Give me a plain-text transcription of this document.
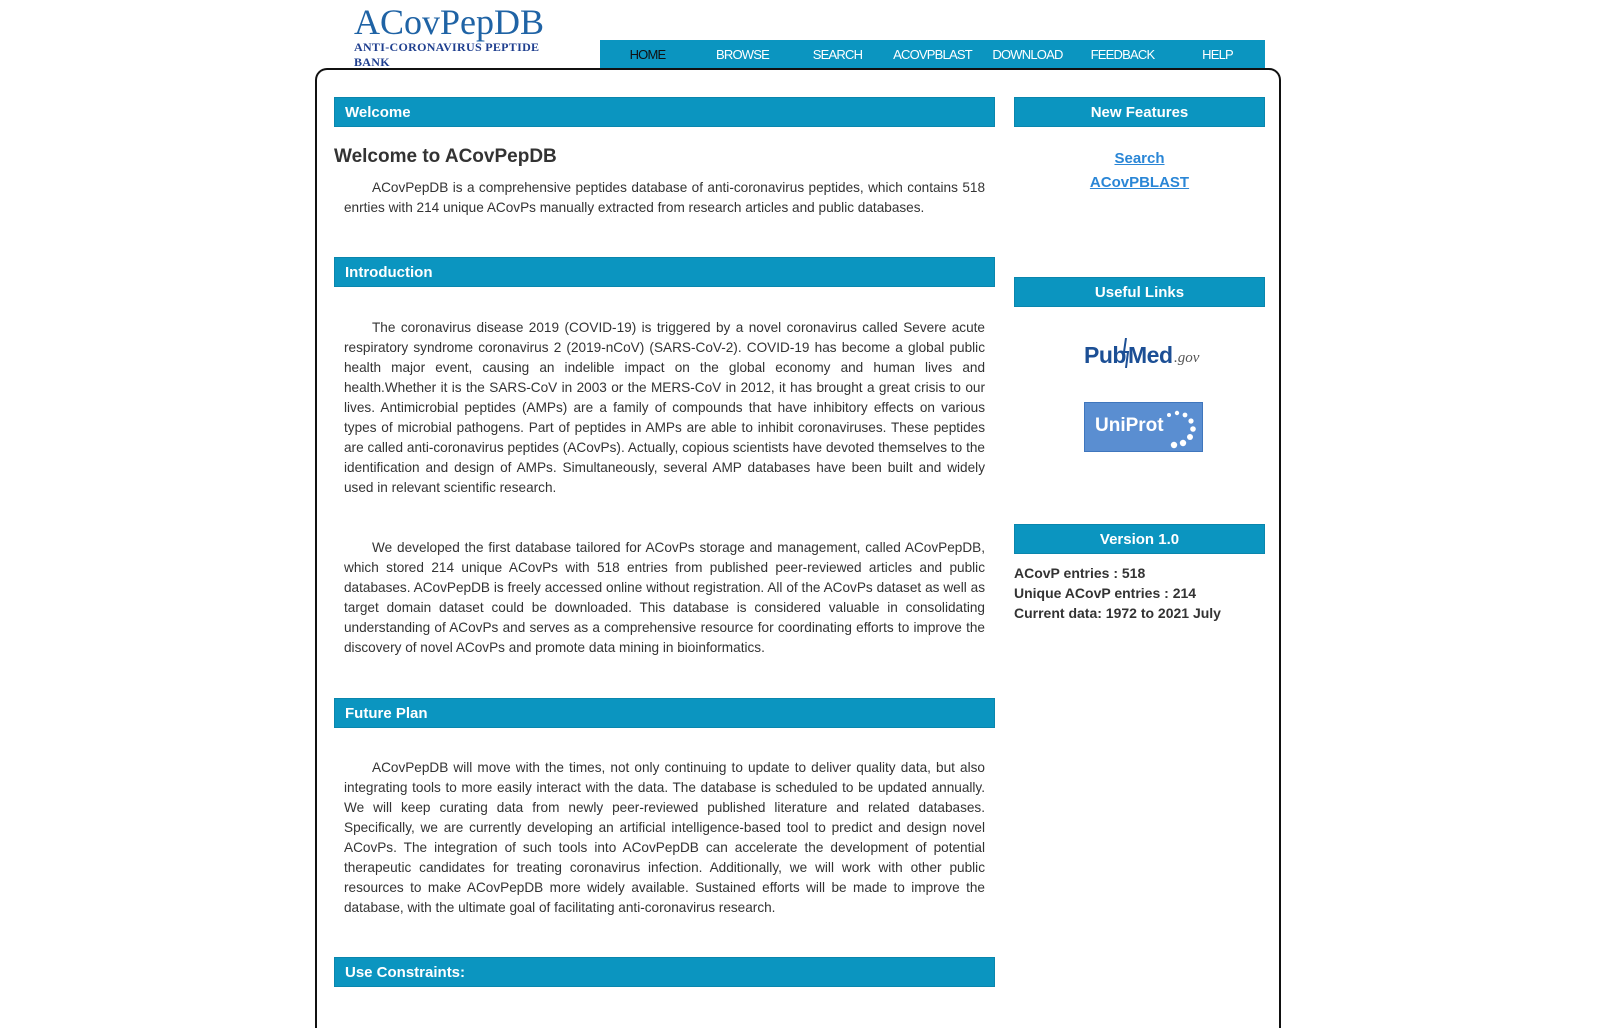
ACovPepDB
ANTI-CORONAVIRUS PEPTIDE BANK	HOME	BROWSE	SEARCH	ACOVPBLAST	DOWNLOAD	FEEDBACK	HELP
Welcome
Welcome to ACovPepDB

ACovPepDB is a comprehensive peptides database of anti-coronavirus peptides, which contains 518 enrties with 214 unique ACovPs manually extracted from research articles and public databases.

Introduction

The coronavirus disease 2019 (COVID-19) is triggered by a novel coronavirus called Severe acute respiratory syndrome coronavirus 2 (2019-nCoV) (SARS-CoV-2). COVID-19 has become a global public health major event, causing an indelible impact on the global economy and human lives and health.Whether it is the SARS-CoV in 2003 or the MERS-CoV in 2012, it has brought a great crisis to our lives. Antimicrobial peptides (AMPs) are a family of compounds that have inhibitory effects on various types of microbial pathogens. Part of peptides in AMPs are able to inhibit coronaviruses. These peptides are called anti-coronavirus peptides (ACovPs). Actually, copious scientists have devoted themselves to the identification and design of AMPs. Simultaneously, several AMP databases have been built and widely used in relevant scientific research.

We developed the first database tailored for ACovPs storage and management, called ACovPepDB, which stored 214 unique ACovPs with 518 entries from published peer-reviewed articles and public databases. ACovPepDB is freely accessed online without registration. All of the ACovPs dataset as well as target domain dataset could be downloaded. This database is considered valuable in consolidating understanding of ACovPs and serves as a comprehensive resource for coordinating efforts to improve the discovery of novel ACovPs and promote data mining in bioinformatics.

Future Plan

ACovPepDB will move with the times, not only continuing to update to deliver quality data, but also integrating tools to more easily interact with the data. The database is scheduled to be updated annually. We will keep curating data from newly peer-reviewed published literature and related databases. Specifically, we are currently developing an artificial intelligence-based tool to predict and design novel ACovPs. The integration of such tools into ACovPepDB can accelerate the development of potential therapeutic candidates for treating coronavirus infection. Additionally, we will work with other public resources to make ACovPepDB more widely available. Sustained efforts will be made to improve the database, with the ultimate goal of facilitating anti-coronavirus research.

Use Constraints:
New Features
Search
ACovPBLAST
Useful Links
Pub Med .gov
UniProt
Version 1.0
ACovP entries : 518
Unique ACovP entries : 214
Current data: 1972 to 2021 July
